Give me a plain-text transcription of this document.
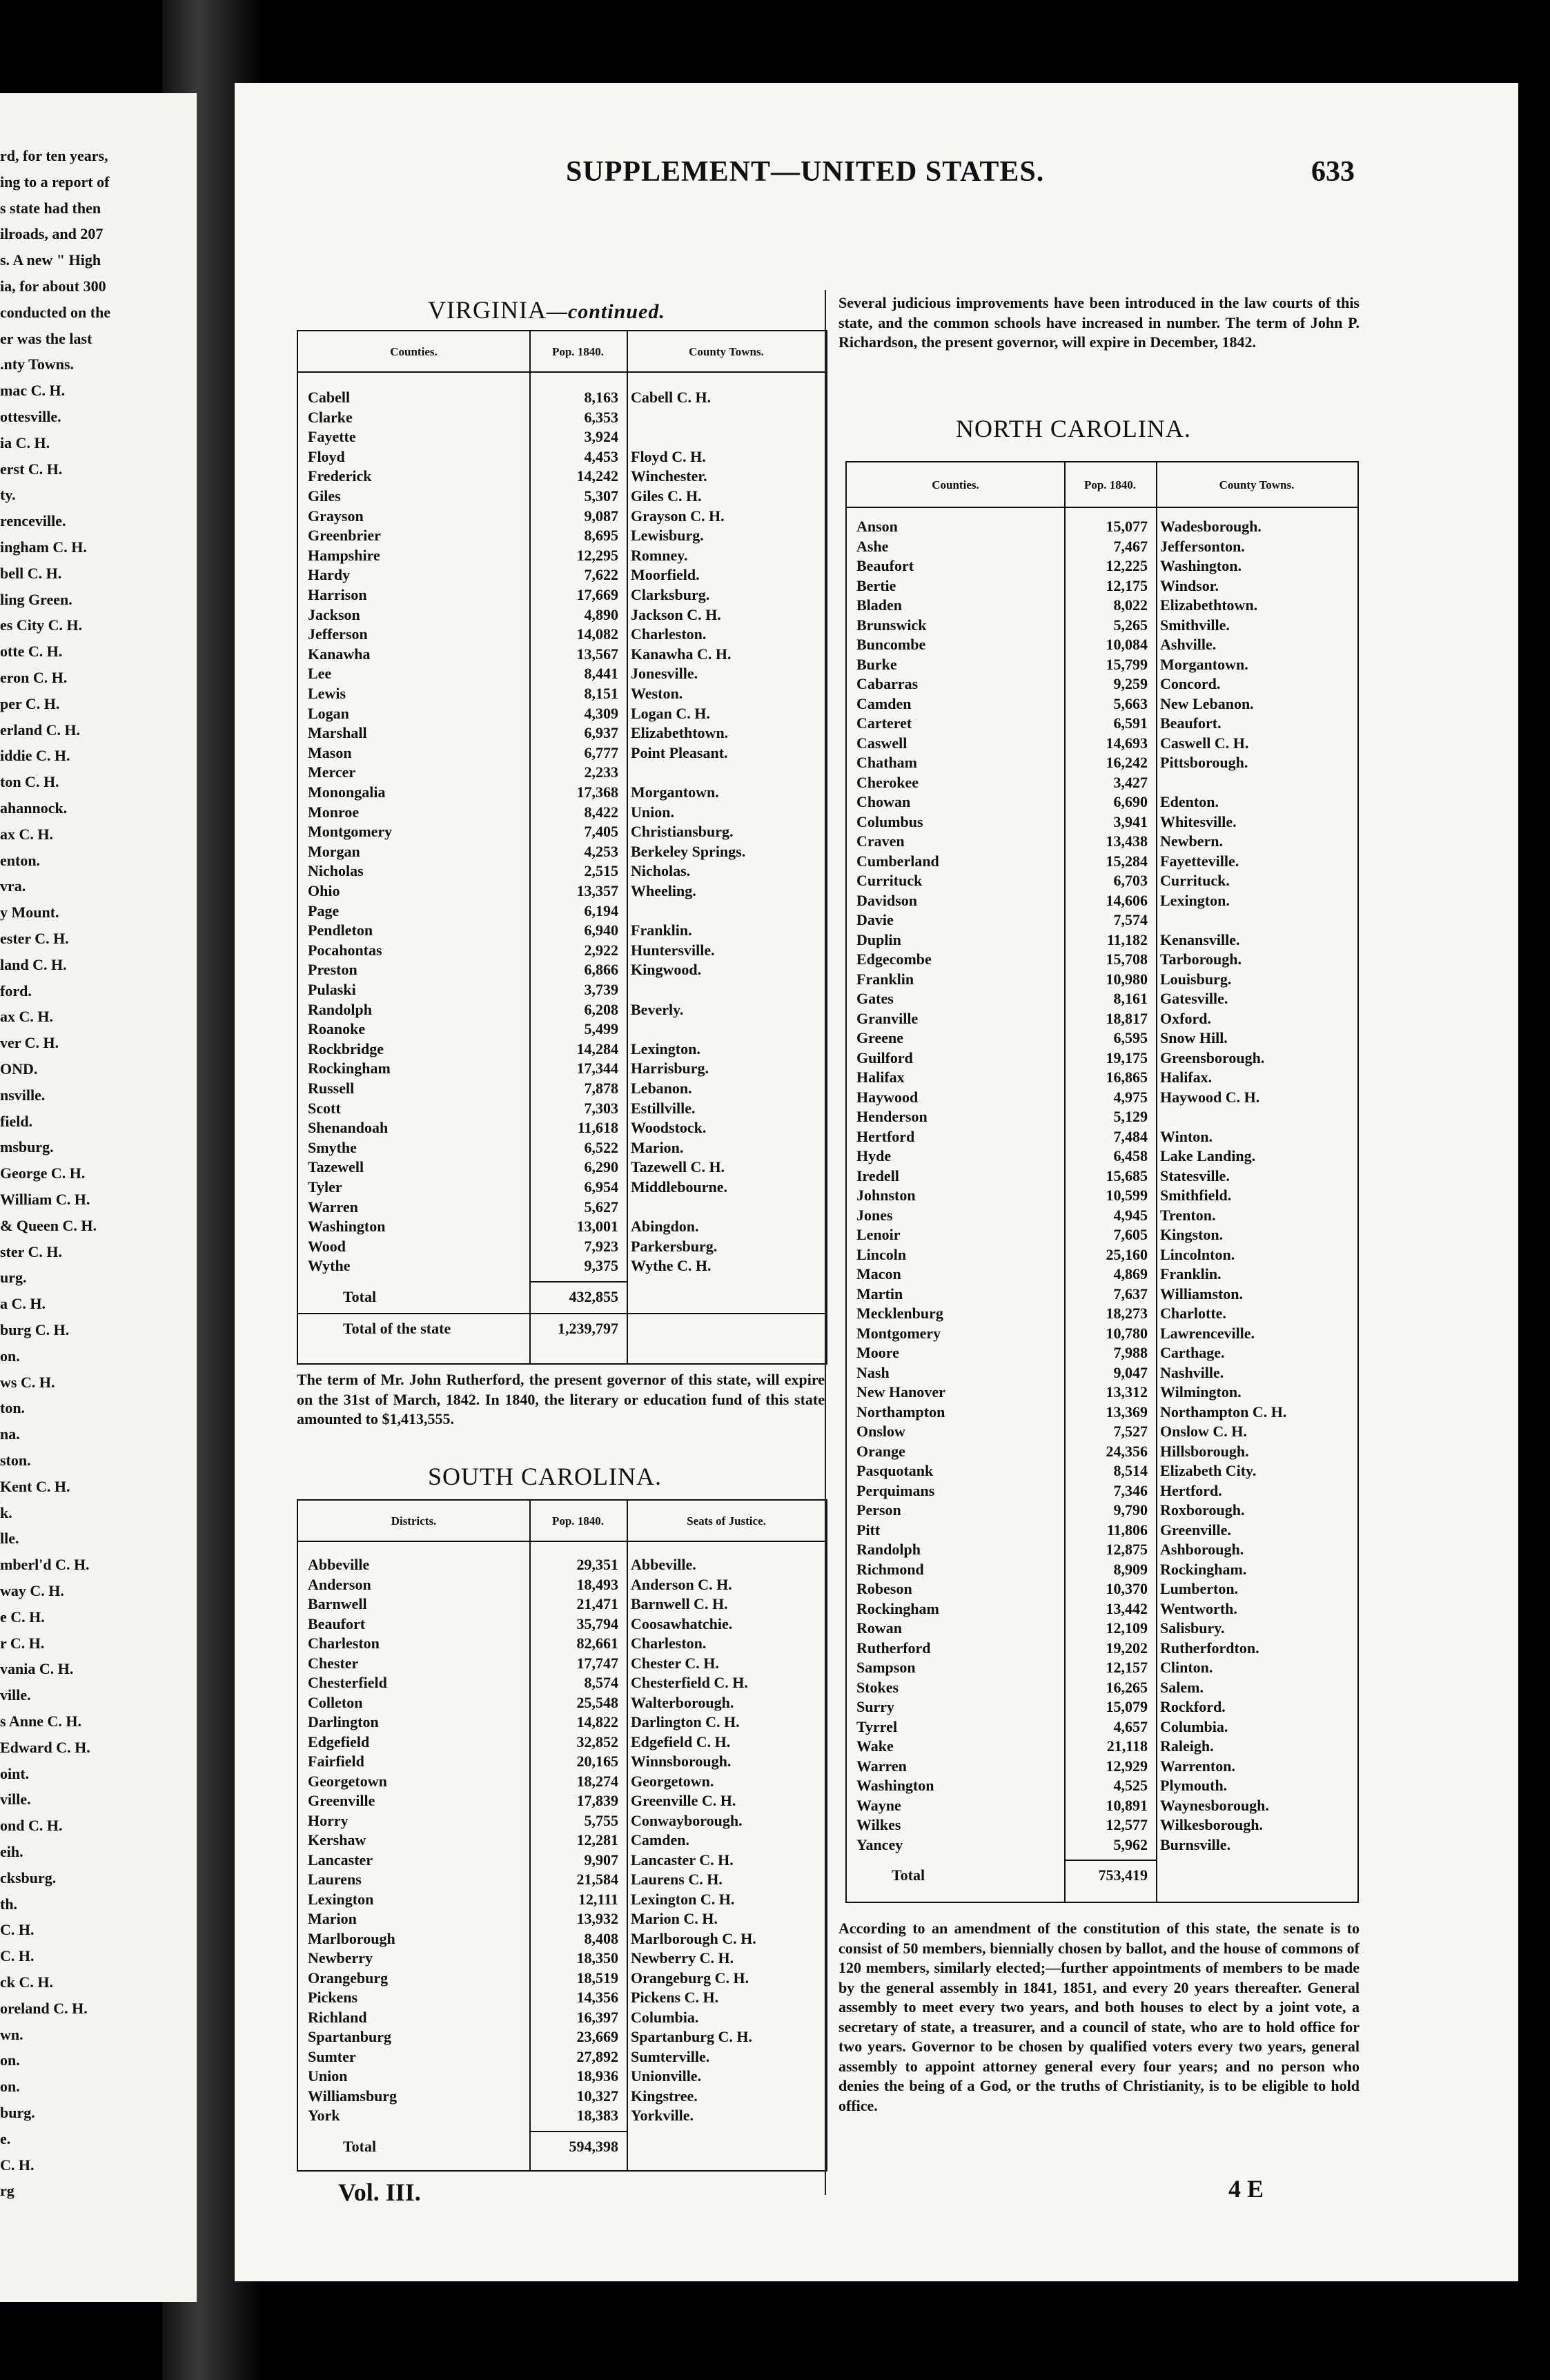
rd, for ten years,
ing to a report of
s state had then
ilroads, and 207
s. A new " High
ia, for about 300
conducted on the
er was the last
.nty Towns.
mac C. H.
ottesville.
ia C. H.
erst C. H.
ty.
renceville.
ingham C. H.
bell C. H.
ling Green.
es City C. H.
otte C. H.
eron C. H.
per C. H.
erland C. H.
iddie C. H.
ton C. H.
ahannock.
ax C. H.
enton.
vra.
y Mount.
ester C. H.
land C. H.
ford.
ax C. H.
ver C. H.
OND.
nsville.
field.
msburg.
George C. H.
William C. H.
& Queen C. H.
ster C. H.
urg.
a C. H.
burg C. H.
on.
ws C. H.
ton.
na.
ston.
Kent C. H.
k.
lle.
mberl'd C. H.
way C. H.
e C. H.
r C. H.
vania C. H.
ville.
s Anne C. H.
Edward C. H.
oint.
ville.
ond C. H.
eih.
cksburg.
th.
C. H.
C. H.
ck C. H.
oreland C. H.
wn.
on.
on.
burg.
e.
C. H.
rg
SUPPLEMENT—UNITED STATES.	633
VIRGINIA—continued.
Counties.	Pop. 1840.	County Towns.
Cabell	8,163 Cabell C. H.
Clarke	6,353
Fayette	3,924
Floyd	4,453 Floyd C. H.
Frederick	14,242 Winchester.
Giles	5,307 Giles C. H.
Grayson	9,087 Grayson C. H.
Greenbrier	8,695 Lewisburg.
Hampshire	12,295 Romney.
Hardy	7,622 Moorfield.
Harrison	17,669 Clarksburg.
Jackson	4,890 Jackson C. H.
Jefferson	14,082 Charleston.
Kanawha	13,567 Kanawha C. H.
Lee	8,441 Jonesville.
Lewis	8,151 Weston.
Logan	4,309 Logan C. H.
Marshall	6,937 Elizabethtown.
Mason	6,777 Point Pleasant.
Mercer	2,233
Monongalia	17,368 Morgantown.
Monroe	8,422 Union.
Montgomery	7,405 Christiansburg.
Morgan	4,253 Berkeley Springs.
Nicholas	2,515 Nicholas.
Ohio	13,357 Wheeling.
Page	6,194
Pendleton	6,940 Franklin.
Pocahontas	2,922 Huntersville.
Preston	6,866 Kingwood.
Pulaski	3,739
Randolph	6,208 Beverly.
Roanoke	5,499
Rockbridge	14,284 Lexington.
Rockingham	17,344 Harrisburg.
Russell	7,878 Lebanon.
Scott	7,303 Estillville.
Shenandoah	11,618 Woodstock.
Smythe	6,522 Marion.
Tazewell	6,290 Tazewell C. H.
Tyler	6,954 Middlebourne.
Warren	5,627
Washington	13,001 Abingdon.
Wood	7,923 Parkersburg.
Wythe	9,375 Wythe C. H.
Total	432,855
Total of the state	1,239,797
The term of Mr. John Rutherford, the present governor of this state, will expire on the 31st of March, 1842. In 1840, the literary or education fund of this state amounted to $1,413,555.
SOUTH CAROLINA.
Districts.	Pop. 1840.	Seats of Justice.
Abbeville	29,351 Abbeville.
Anderson	18,493 Anderson C. H.
Barnwell	21,471 Barnwell C. H.
Beaufort	35,794 Coosawhatchie.
Charleston	82,661 Charleston.
Chester	17,747 Chester C. H.
Chesterfield	8,574 Chesterfield C. H.
Colleton	25,548 Walterborough.
Darlington	14,822 Darlington C. H.
Edgefield	32,852 Edgefield C. H.
Fairfield	20,165 Winnsborough.
Georgetown	18,274 Georgetown.
Greenville	17,839 Greenville C. H.
Horry	5,755 Conwayborough.
Kershaw	12,281 Camden.
Lancaster	9,907 Lancaster C. H.
Laurens	21,584 Laurens C. H.
Lexington	12,111 Lexington C. H.
Marion	13,932 Marion C. H.
Marlborough	8,408 Marlborough C. H.
Newberry	18,350 Newberry C. H.
Orangeburg	18,519 Orangeburg C. H.
Pickens	14,356 Pickens C. H.
Richland	16,397 Columbia.
Spartanburg	23,669 Spartanburg C. H.
Sumter	27,892 Sumterville.
Union	18,936 Unionville.
Williamsburg	10,327 Kingstree.
York	18,383 Yorkville.
Total	594,398
Several judicious improvements have been introduced in the law courts of this state, and the common schools have increased in number. The term of John P. Richardson, the present governor, will expire in December, 1842.
NORTH CAROLINA.
Counties.	Pop. 1840.	County Towns.
Anson	15,077 Wadesborough.
Ashe	7,467 Jeffersonton.
Beaufort	12,225 Washington.
Bertie	12,175 Windsor.
Bladen	8,022 Elizabethtown.
Brunswick	5,265 Smithville.
Buncombe	10,084 Ashville.
Burke	15,799 Morgantown.
Cabarras	9,259 Concord.
Camden	5,663 New Lebanon.
Carteret	6,591 Beaufort.
Caswell	14,693 Caswell C. H.
Chatham	16,242 Pittsborough.
Cherokee	3,427
Chowan	6,690 Edenton.
Columbus	3,941 Whitesville.
Craven	13,438 Newbern.
Cumberland	15,284 Fayetteville.
Currituck	6,703 Currituck.
Davidson	14,606 Lexington.
Davie	7,574
Duplin	11,182 Kenansville.
Edgecombe	15,708 Tarborough.
Franklin	10,980 Louisburg.
Gates	8,161 Gatesville.
Granville	18,817 Oxford.
Greene	6,595 Snow Hill.
Guilford	19,175 Greensborough.
Halifax	16,865 Halifax.
Haywood	4,975 Haywood C. H.
Henderson	5,129
Hertford	7,484 Winton.
Hyde	6,458 Lake Landing.
Iredell	15,685 Statesville.
Johnston	10,599 Smithfield.
Jones	4,945 Trenton.
Lenoir	7,605 Kingston.
Lincoln	25,160 Lincolnton.
Macon	4,869 Franklin.
Martin	7,637 Williamston.
Mecklenburg	18,273 Charlotte.
Montgomery	10,780 Lawrenceville.
Moore	7,988 Carthage.
Nash	9,047 Nashville.
New Hanover	13,312 Wilmington.
Northampton	13,369 Northampton C. H.
Onslow	7,527 Onslow C. H.
Orange	24,356 Hillsborough.
Pasquotank	8,514 Elizabeth City.
Perquimans	7,346 Hertford.
Person	9,790 Roxborough.
Pitt	11,806 Greenville.
Randolph	12,875 Ashborough.
Richmond	8,909 Rockingham.
Robeson	10,370 Lumberton.
Rockingham	13,442 Wentworth.
Rowan	12,109 Salisbury.
Rutherford	19,202 Rutherfordton.
Sampson	12,157 Clinton.
Stokes	16,265 Salem.
Surry	15,079 Rockford.
Tyrrel	4,657 Columbia.
Wake	21,118 Raleigh.
Warren	12,929 Warrenton.
Washington	4,525 Plymouth.
Wayne	10,891 Waynesborough.
Wilkes	12,577 Wilkesborough.
Yancey	5,962 Burnsville.
Total	753,419
According to an amendment of the constitution of this state, the senate is to consist of 50 members, biennially chosen by ballot, and the house of commons of 120 members, similarly elected;—further appointments of members to be made by the general assembly in 1841, 1851, and every 20 years thereafter. General assembly to meet every two years, and both houses to elect by a joint vote, a secretary of state, a treasurer, and a council of state, who are to hold office for two years. Governor to be chosen by qualified voters every two years, general assembly to appoint attorney general every four years; and no person who denies the being of a God, or the truths of Christianity, is to be eligible to hold office.
Vol. III.	4 E
